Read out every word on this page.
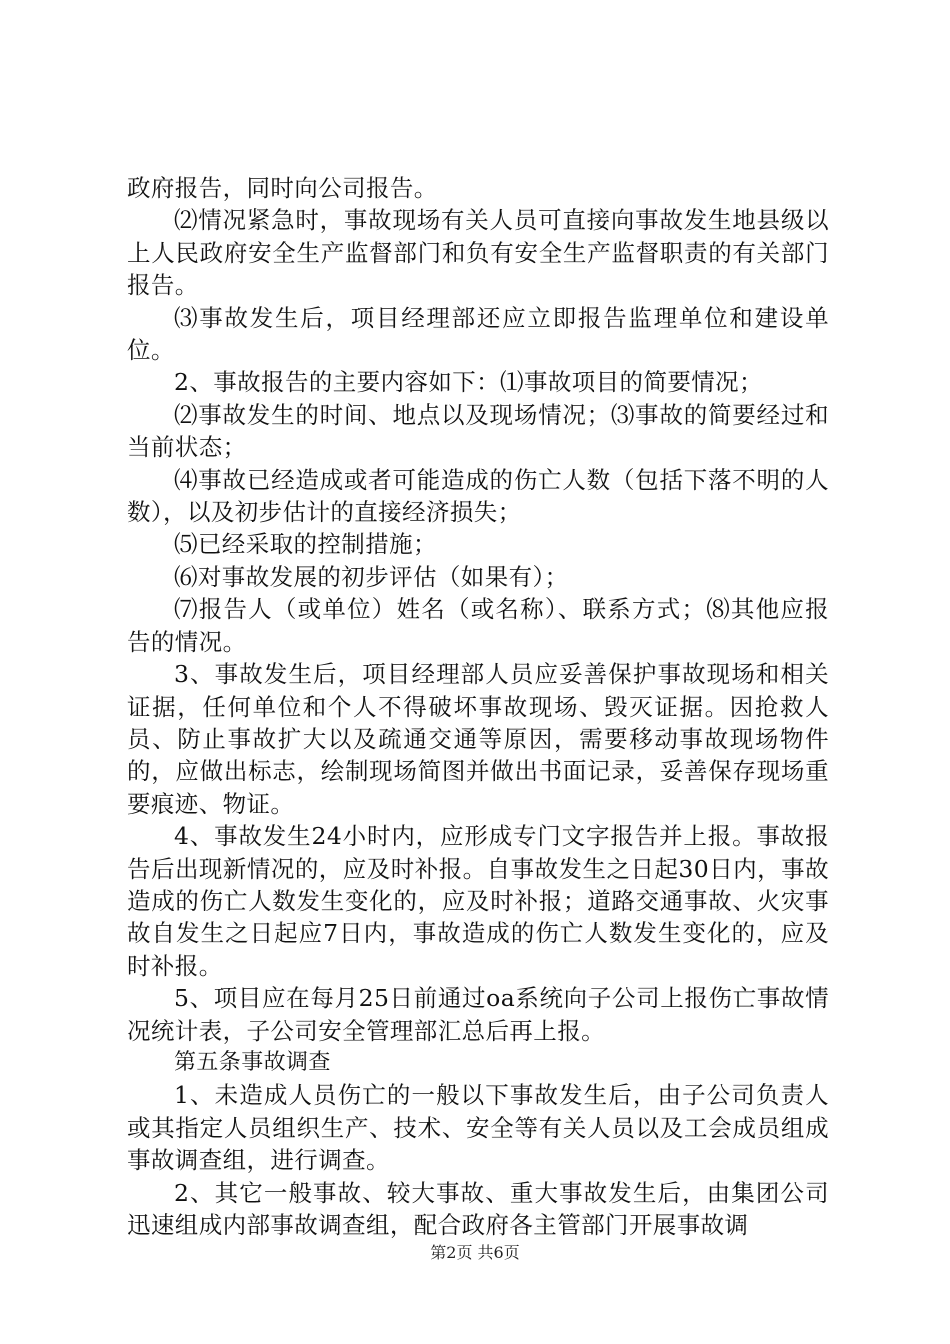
政府报告，同时向公司报告。

⑵情况紧急时，事故现场有关人员可直接向事故发生地县级以上人民政府安全生产监督部门和负有安全生产监督职责的有关部门报告。

⑶事故发生后，项目经理部还应立即报告监理单位和建设单位。

2、事故报告的主要内容如下：⑴事故项目的简要情况；

⑵事故发生的时间、地点以及现场情况；⑶事故的简要经过和当前状态；

⑷事故已经造成或者可能造成的伤亡人数（包括下落不明的人数），以及初步估计的直接经济损失；

⑸已经采取的控制措施；

⑹对事故发展的初步评估（如果有）；

⑺报告人（或单位）姓名（或名称）、联系方式；⑻其他应报告的情况。

3、事故发生后，项目经理部人员应妥善保护事故现场和相关证据，任何单位和个人不得破坏事故现场、毁灭证据。因抢救人员、防止事故扩大以及疏通交通等原因，需要移动事故现场物件的，应做出标志，绘制现场简图并做出书面记录，妥善保存现场重要痕迹、物证。

4、事故发生24小时内，应形成专门文字报告并上报。事故报告后出现新情况的，应及时补报。自事故发生之日起30日内，事故造成的伤亡人数发生变化的，应及时补报；道路交通事故、火灾事故自发生之日起应7日内，事故造成的伤亡人数发生变化的，应及时补报。

5、项目应在每月25日前通过oa系统向子公司上报伤亡事故情况统计表，子公司安全管理部汇总后再上报。

第五条事故调查

1、未造成人员伤亡的一般以下事故发生后，由子公司负责人或其指定人员组织生产、技术、安全等有关人员以及工会成员组成事故调查组，进行调查。

2、其它一般事故、较大事故、重大事故发生后，由集团公司迅速组成内部事故调查组，配合政府各主管部门开展事故调

第2页 共6页
